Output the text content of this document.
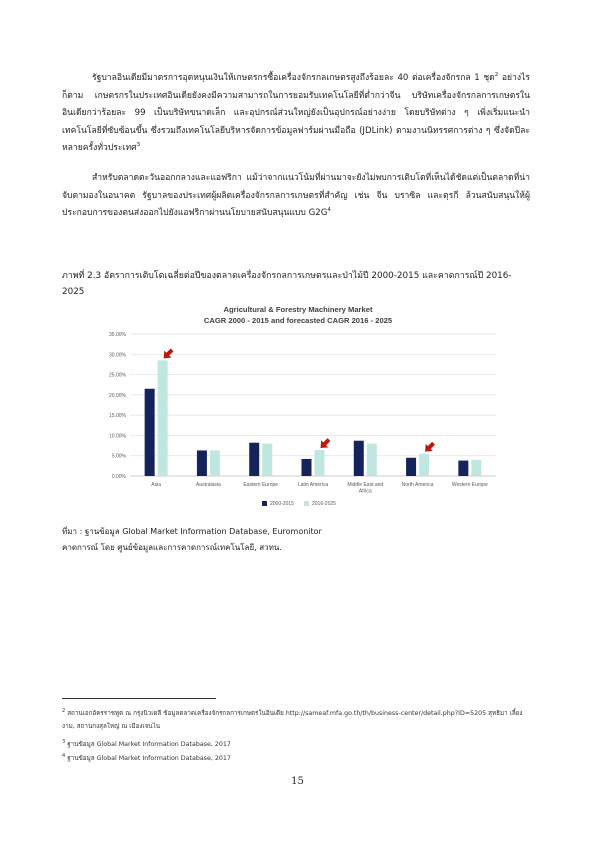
รัฐบาลอินเดียมีมาตรการอุดหนุนเงินให้เกษตรกรซื้อเครื่องจักรกลเกษตรสูงถึงร้อยละ 40 ต่อเครื่องจักรกล 1 ชุด$^2$ อย่างไรก็ตาม เกษตรกรในประเทศอินเดียยังคงมีความสามารถในการยอมรับเทคโนโลยีที่ต่ำกว่าจีน บริษัทเครื่องจักรกลการเกษตรในอินเดียกว่าร้อยละ 99 เป็นบริษัทขนาดเล็ก และอุปกรณ์ส่วนใหญ่ยังเป็นอุปกรณ์อย่างง่าย โดยบริษัทต่าง ๆ เพิ่งเริ่มแนะนำเทคโนโลยีที่ซับซ้อนขึ้น ซึ่งรวมถึงเทคโนโลยีบริหารจัดการข้อมูลฟาร์มผ่านมือถือ (JDLink) ตามงานนิทรรศการต่าง ๆ ซึ่งจัดปีละหลายครั้งทั่วประเทศ$^3$

สำหรับตลาดตะวันออกกลางและแอฟริกา แม้ว่าจากแนวโน้มที่ผ่านมาจะยังไม่พบการเติบโตที่เห็นได้ชัดแต่เป็นตลาดที่น่าจับตามองในอนาคต รัฐบาลของประเทศผู้ผลิตเครื่องจักรกลการเกษตรที่สำคัญ เช่น จีน บราซิล และตุรกี ล้วนสนับสนุนให้ผู้ประกอบการของตนส่งออกไปยังแอฟริกาผ่านนโยบายสนับสนุนแบบ $G2G^4$

ภาพที่ 2.3 อัตราการเติบโตเฉลี่ยต่อปีของตลาดเครื่องจักรกลการเกษตรและป่าไม้ปี 2000-2015 และคาดการณ์ปี 2016-2025

Agricultural & Forestry Machinery Market
CAGR 2000 - 2015 and forecasted CAGR 2016 - 2025
0.00%
5.00%
10.00%
15.00%
20.00%
25.00%
30.00%
35.00%
Asia	Australasia	Eastern Europe	Latin America	Middle East and
Africa
North America	Western Europe
2000-2015	2016-2025

ที่มา : ฐานข้อมูล Global Market Information Database, Euromonitor
คาดการณ์ โดย ศูนย์ข้อมูลและการคาดการณ์เทคโนโลยี, สวทน.

$^2$ สถานเอกอัครราชทูต ณ กรุงนิวเดลี ข้อมูลตลาดเครื่องจักรกลการเกษตรในอินเดีย http://sameaf.mfa.go.th/th/business-center/detail.php?ID=5205 สุทธิมา เลี้ยงงาม, สถานกงสุลใหญ่ ณ เมืองเจนไน

$^3$ ฐานข้อมูล Global Market Information Database, 2017

$^4$ ฐานข้อมูล Global Market Information Database, 2017

15
